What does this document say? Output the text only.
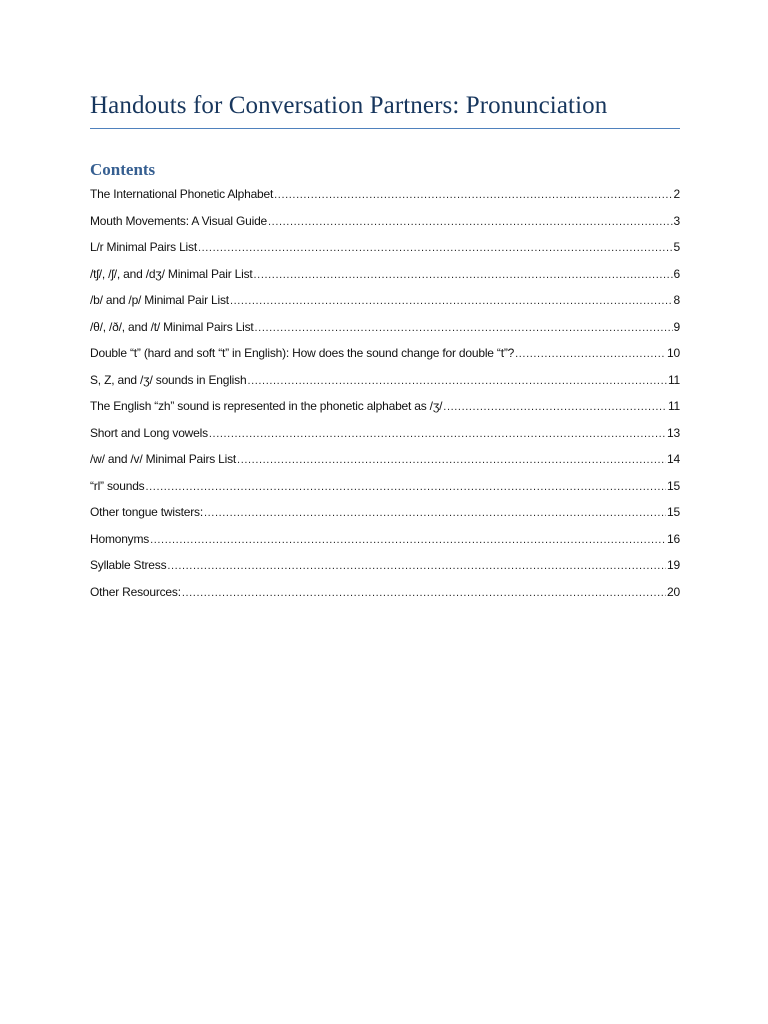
Handouts for Conversation Partners: Pronunciation
Contents
The International Phonetic Alphabet .....	2
Mouth Movements: A Visual Guide .....	3
L/r Minimal Pairs List .....	5
/tʃ/, /ʃ/, and /dʒ/ Minimal Pair List .....	6
/b/ and /p/ Minimal Pair List .....	8
/θ/, /ð/, and /t/ Minimal Pairs List .....	9
Double “t” (hard and soft “t” in English): How does the sound change for double “t”? .....	10
S, Z, and /ʒ/ sounds in English .....	11
The English “zh” sound is represented in the phonetic alphabet as /ʒ/ .....	11
Short and Long vowels .....	13
/w/ and /v/ Minimal Pairs List .....	14
“rl” sounds .....	15
Other tongue twisters: .....	15
Homonyms .....	16
Syllable Stress .....	19
Other Resources: .....	20
